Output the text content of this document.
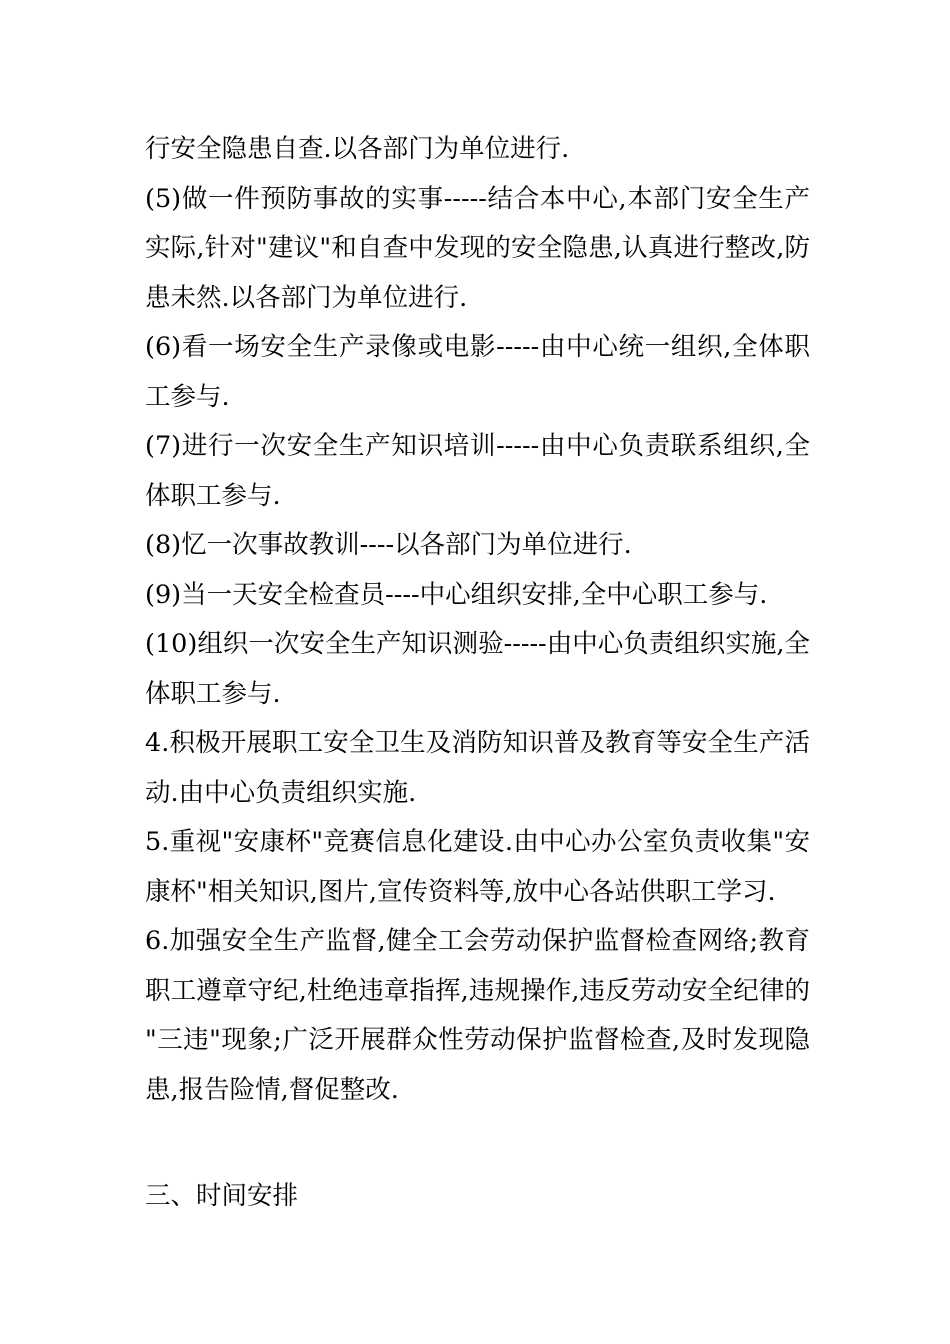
行安全隐患自查.以各部门为单位进行.

(5)做一件预防事故的实事-----结合本中心,本部门安全生产实际,针对"建议"和自查中发现的安全隐患,认真进行整改,防患未然.以各部门为单位进行.

(6)看一场安全生产录像或电影-----由中心统一组织,全体职工参与.

(7)进行一次安全生产知识培训-----由中心负责联系组织,全体职工参与.

(8)忆一次事故教训----以各部门为单位进行.

(9)当一天安全检查员----中心组织安排,全中心职工参与.

(10)组织一次安全生产知识测验-----由中心负责组织实施,全体职工参与.

4.积极开展职工安全卫生及消防知识普及教育等安全生产活动.由中心负责组织实施.

5.重视"安康杯"竞赛信息化建设.由中心办公室负责收集"安康杯"相关知识,图片,宣传资料等,放中心各站供职工学习.

6.加强安全生产监督,健全工会劳动保护监督检查网络;教育职工遵章守纪,杜绝违章指挥,违规操作,违反劳动安全纪律的"三违"现象;广泛开展群众性劳动保护监督检查,及时发现隐患,报告险情,督促整改.

三、时间安排
